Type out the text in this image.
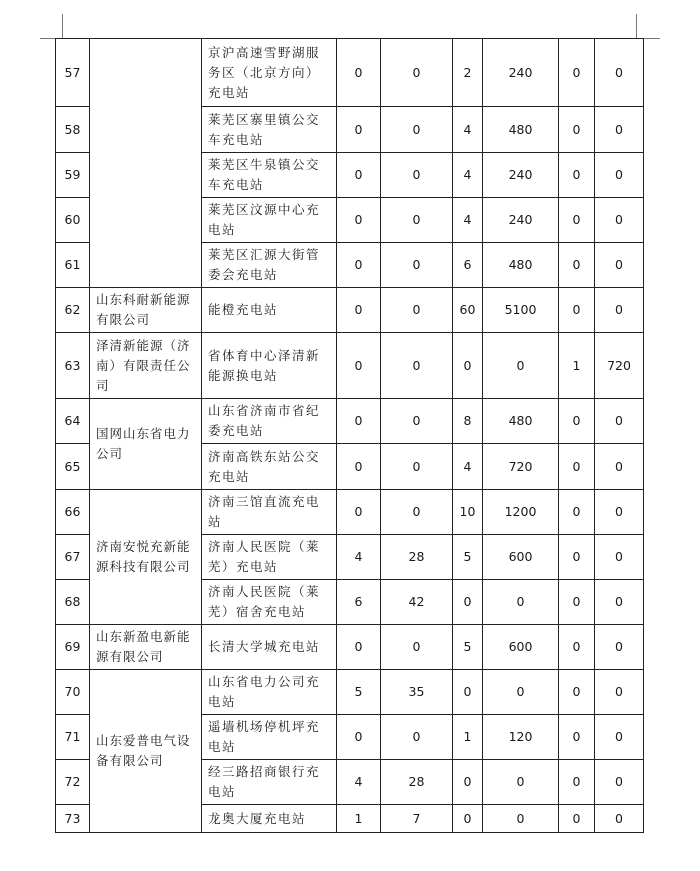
57		京沪高速雪野湖服务区（北京方向）充电站	0	0	2	240	0	0
58		莱芜区寨里镇公交车充电站	0	0	4	480	0	0
59		莱芜区牛泉镇公交车充电站	0	0	4	240	0	0
60		莱芜区汶源中心充电站	0	0	4	240	0	0
61		莱芜区汇源大街管委会充电站	0	0	6	480	0	0
62	山东科耐新能源有限公司	能橙充电站	0	0	60	5100	0	0
63	泽清新能源（济南）有限责任公司	省体育中心泽清新能源换电站	0	0	0	0	1	720
64	国网山东省电力公司	山东省济南市省纪委充电站	0	0	8	480	0	0
65		济南高铁东站公交充电站	0	0	4	720	0	0
66	济南安悦充新能源科技有限公司	济南三馆直流充电站	0	0	10	1200	0	0
67		济南人民医院（莱芜）充电站	4	28	5	600	0	0
68		济南人民医院（莱芜）宿舍充电站	6	42	0	0	0	0
69	山东新盈电新能源有限公司	长清大学城充电站	0	0	5	600	0	0
70	山东爱普电气设备有限公司	山东省电力公司充电站	5	35	0	0	0	0
71		遥墙机场停机坪充电站	0	0	1	120	0	0
72		经三路招商银行充电站	4	28	0	0	0	0
73		龙奥大厦充电站	1	7	0	0	0	0
